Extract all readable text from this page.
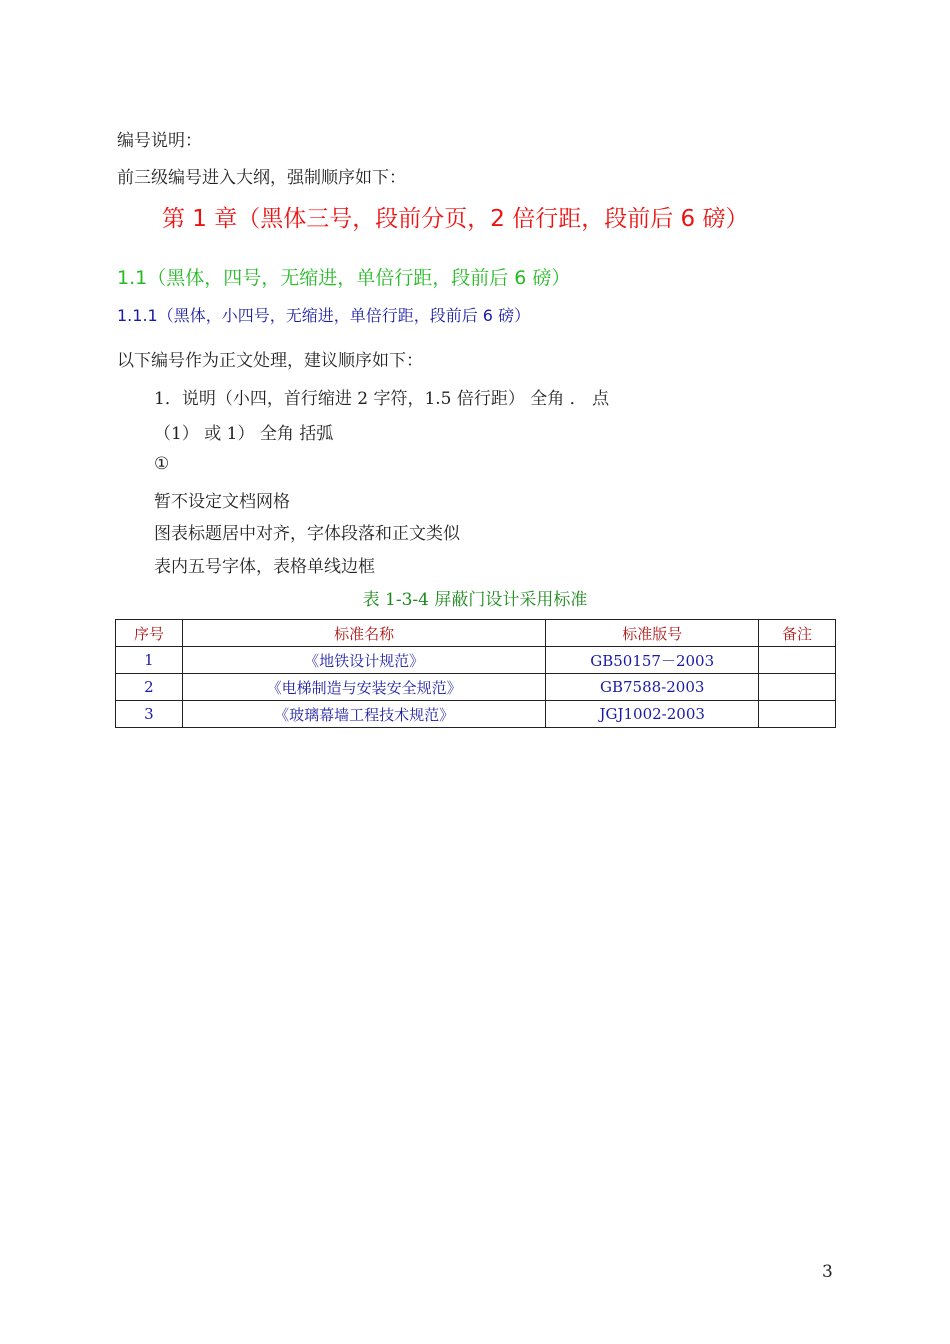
编号说明：
前三级编号进入大纲，强制顺序如下：
第 1 章（黑体三号，段前分页，2 倍行距，段前后 6 磅）
1.1（黑体，四号，无缩进，单倍行距，段前后 6 磅）
1.1.1（黑体，小四号，无缩进，单倍行距，段前后 6 磅）
以下编号作为正文处理，建议顺序如下：
1．说明（小四，首行缩进 2 字符，1.5 倍行距） 全角 ． 点
（1） 或 1） 全角 括弧
①
暂不设定文档网格
图表标题居中对齐，字体段落和正文类似
表内五号字体，表格单线边框
表 1-3-4 屏蔽门设计采用标准
序号	标准名称	标准版号	备注
1	《地铁设计规范》	GB50157－2003	
2	《电梯制造与安装安全规范》	GB7588-2003	
3	《玻璃幕墙工程技术规范》	JGJ1002-2003	
3
